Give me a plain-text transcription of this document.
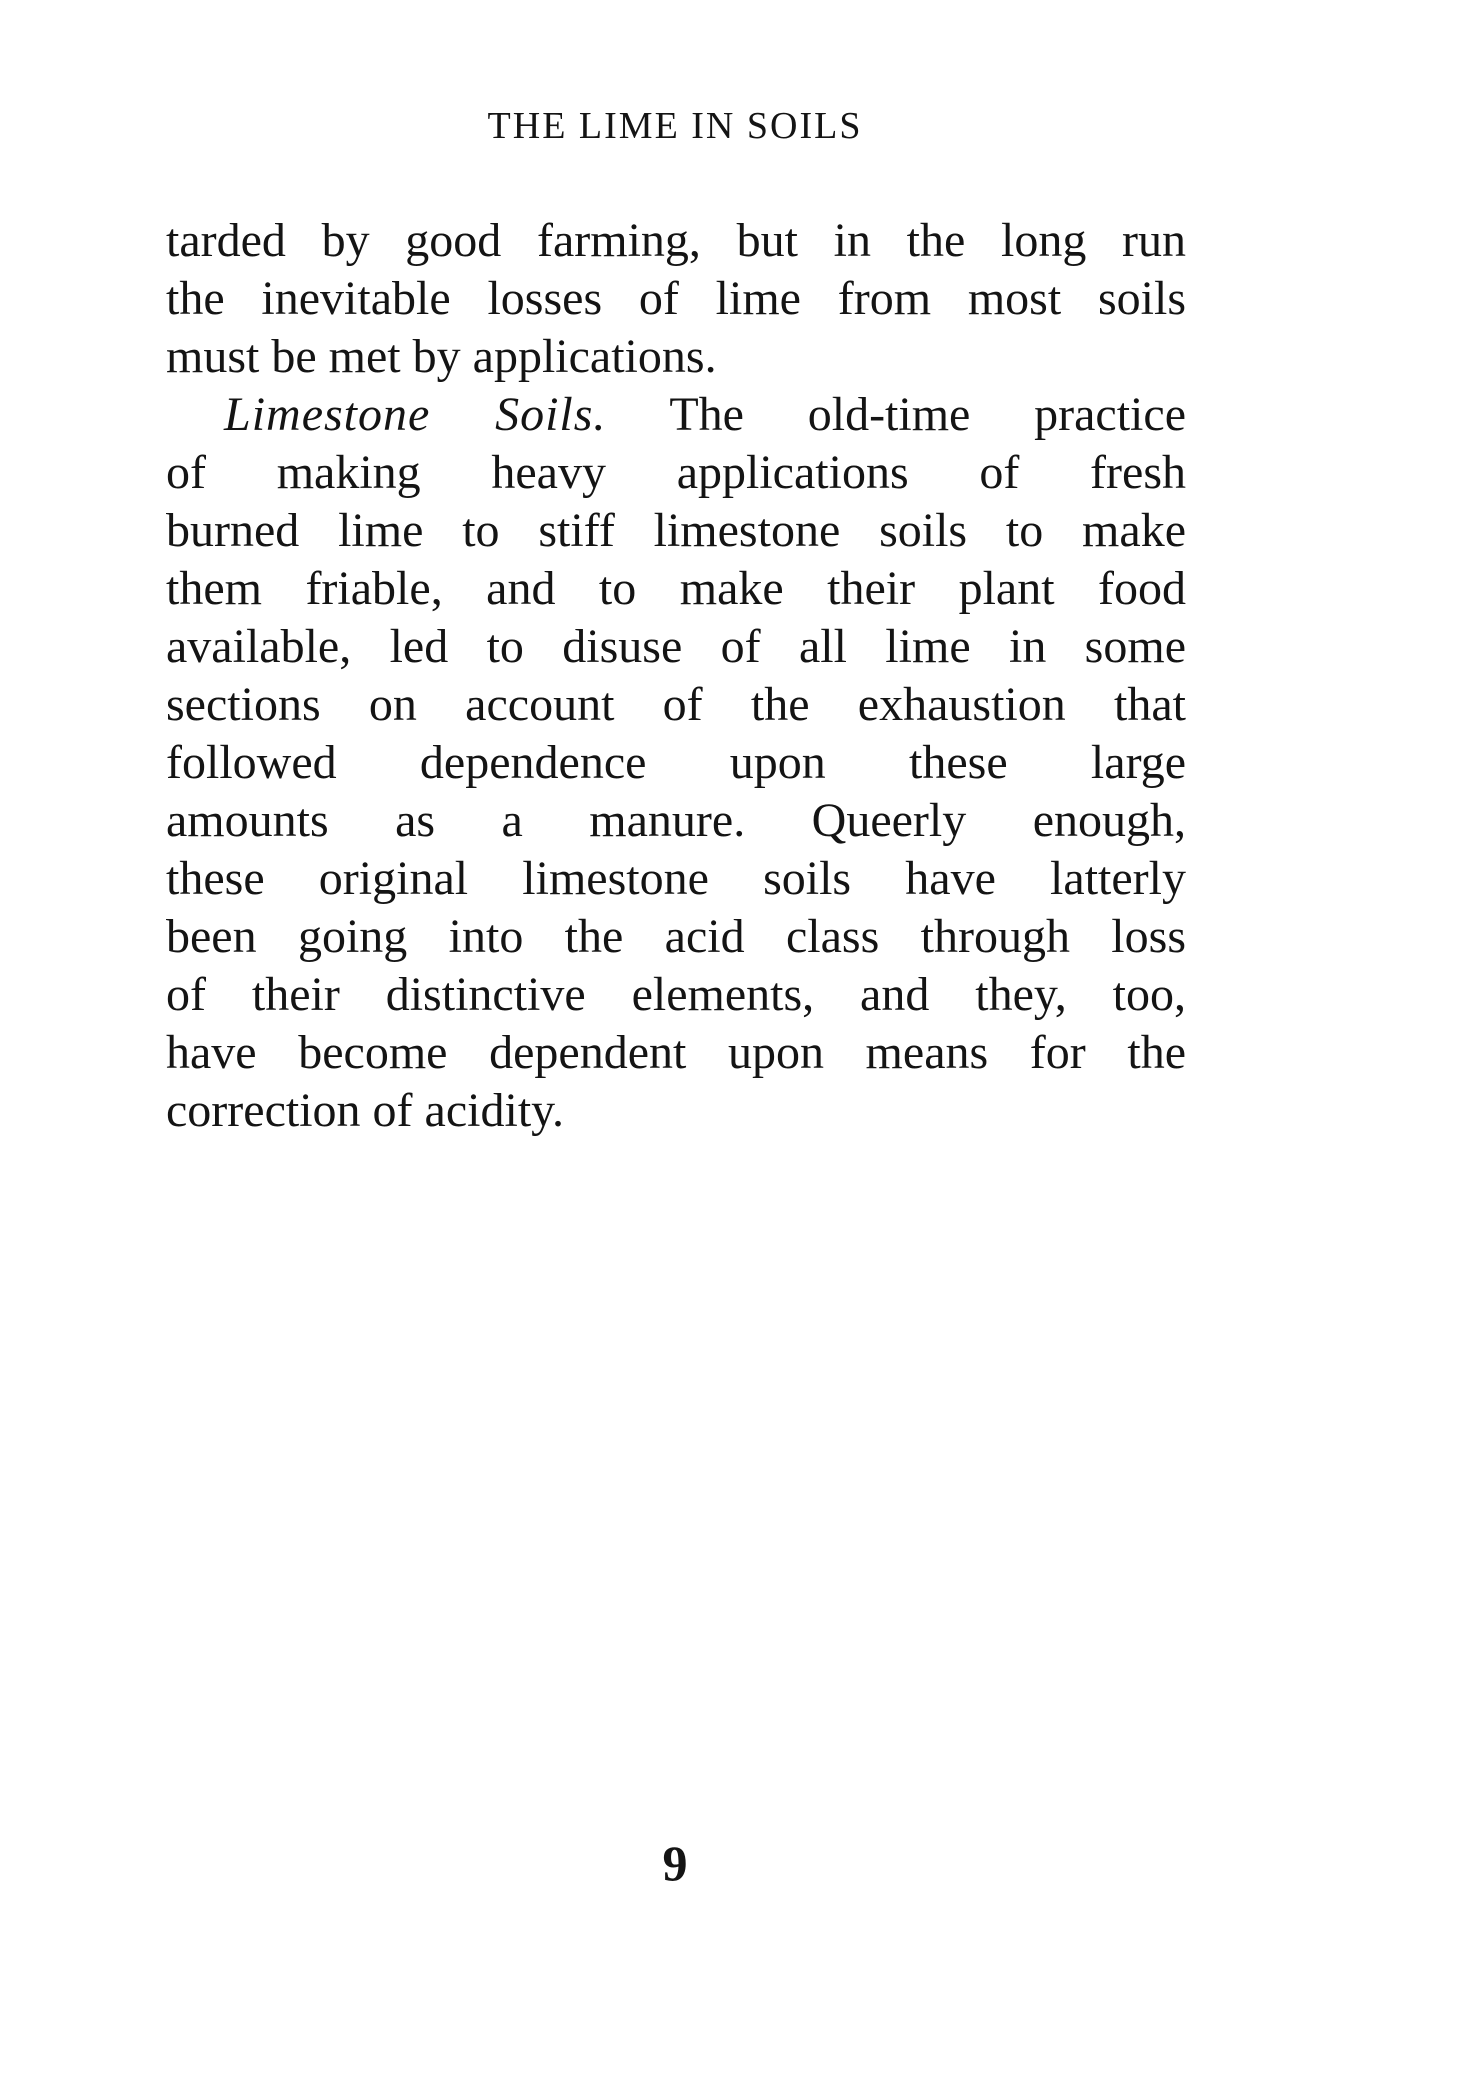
THE LIME IN SOILS
tarded by good farming, but in the long run
the inevitable losses of lime from most soils
must be met by applications.
Limestone Soils. The old-time practice
of making heavy applications of fresh
burned lime to stiff limestone soils to make
them friable, and to make their plant food
available, led to disuse of all lime in some
sections on account of the exhaustion that
followed dependence upon these large
amounts as a manure. Queerly enough,
these original limestone soils have latterly
been going into the acid class through loss
of their distinctive elements, and they, too,
have become dependent upon means for the
correction of acidity.
9
